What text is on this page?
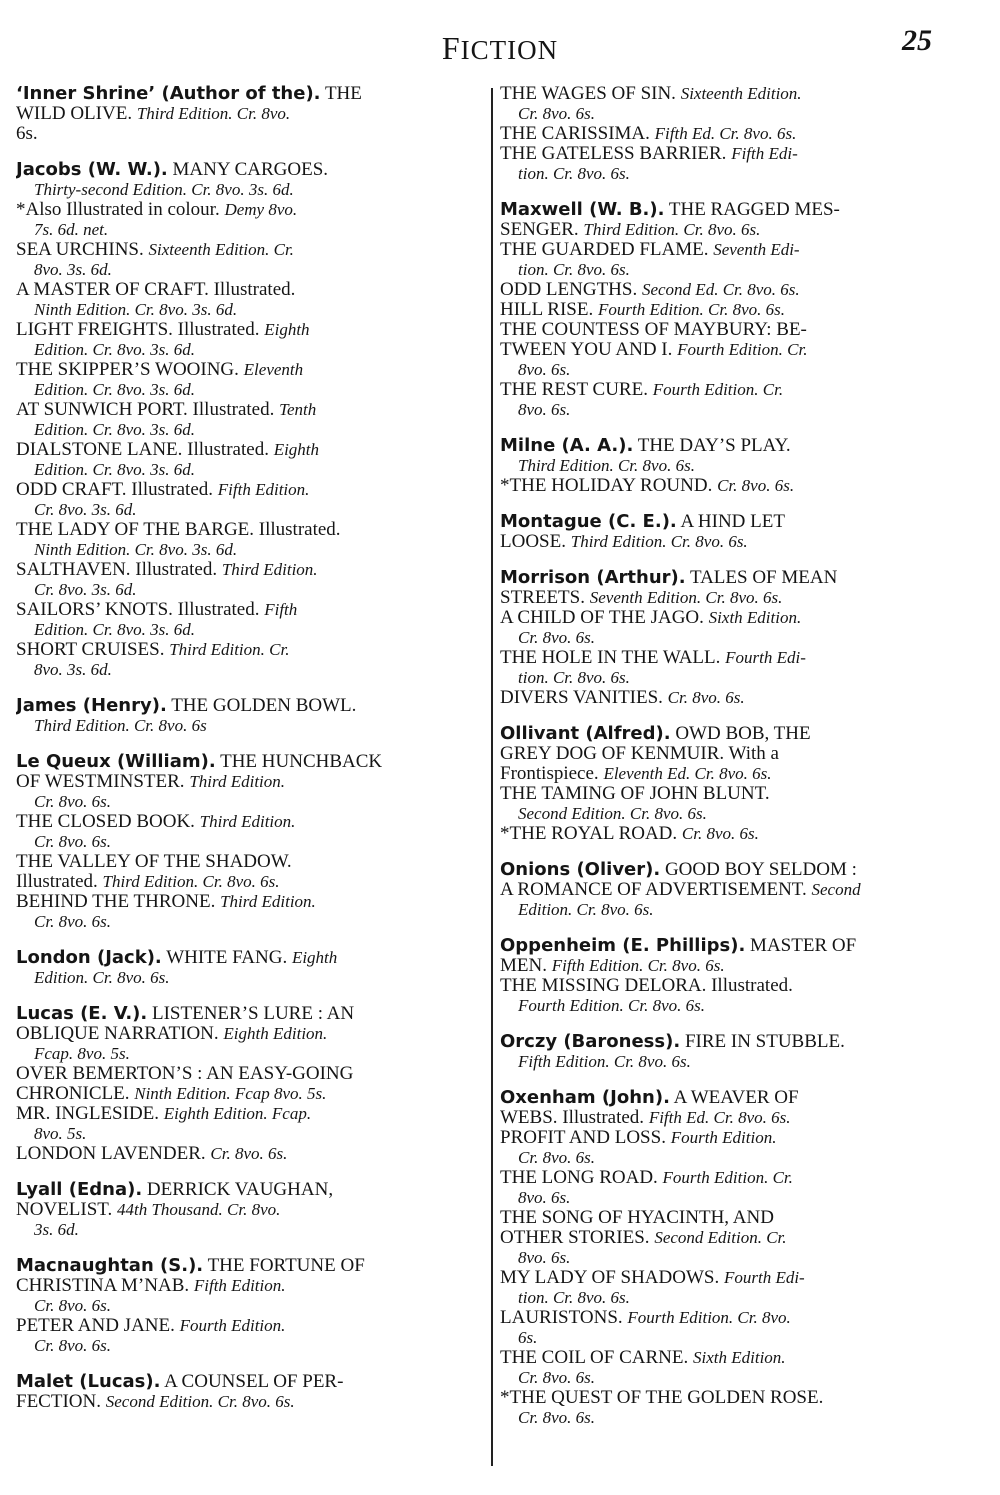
FICTION	25
‘Inner Shrine’ (Author of the). THE
WILD OLIVE. Third Edition. Cr. 8vo.
6s.
Jacobs (W. W.). MANY CARGOES.
Thirty-second Edition. Cr. 8vo. 3s. 6d.
*Also Illustrated in colour. Demy 8vo.
7s. 6d. net.
SEA URCHINS. Sixteenth Edition. Cr.
8vo. 3s. 6d.
A MASTER OF CRAFT. Illustrated.
Ninth Edition. Cr. 8vo. 3s. 6d.
LIGHT FREIGHTS. Illustrated. Eighth
Edition. Cr. 8vo. 3s. 6d.
THE SKIPPER’S WOOING. Eleventh
Edition. Cr. 8vo. 3s. 6d.
AT SUNWICH PORT. Illustrated. Tenth
Edition. Cr. 8vo. 3s. 6d.
DIALSTONE LANE. Illustrated. Eighth
Edition. Cr. 8vo. 3s. 6d.
ODD CRAFT. Illustrated. Fifth Edition.
Cr. 8vo. 3s. 6d.
THE LADY OF THE BARGE. Illustrated.
Ninth Edition. Cr. 8vo. 3s. 6d.
SALTHAVEN. Illustrated. Third Edition.
Cr. 8vo. 3s. 6d.
SAILORS’ KNOTS. Illustrated. Fifth
Edition. Cr. 8vo. 3s. 6d.
SHORT CRUISES. Third Edition. Cr.
8vo. 3s. 6d.
James (Henry). THE GOLDEN BOWL.
Third Edition. Cr. 8vo. 6s
Le Queux (William). THE HUNCHBACK
OF WESTMINSTER. Third Edition.
Cr. 8vo. 6s.
THE CLOSED BOOK. Third Edition.
Cr. 8vo. 6s.
THE VALLEY OF THE SHADOW.
Illustrated. Third Edition. Cr. 8vo. 6s.
BEHIND THE THRONE. Third Edition.
Cr. 8vo. 6s.
London (Jack). WHITE FANG. Eighth
Edition. Cr. 8vo. 6s.
Lucas (E. V.). LISTENER’S LURE : AN
OBLIQUE NARRATION. Eighth Edition.
Fcap. 8vo. 5s.
OVER BEMERTON’S : AN EASY-GOING
CHRONICLE. Ninth Edition. Fcap 8vo. 5s.
MR. INGLESIDE. Eighth Edition. Fcap.
8vo. 5s.
LONDON LAVENDER. Cr. 8vo. 6s.
Lyall (Edna). DERRICK VAUGHAN,
NOVELIST. 44th Thousand. Cr. 8vo.
3s. 6d.
Macnaughtan (S.). THE FORTUNE OF
CHRISTINA M’NAB. Fifth Edition.
Cr. 8vo. 6s.
PETER AND JANE. Fourth Edition.
Cr. 8vo. 6s.
Malet (Lucas). A COUNSEL OF PER-
FECTION. Second Edition. Cr. 8vo. 6s.
THE WAGES OF SIN. Sixteenth Edition.
Cr. 8vo. 6s.
THE CARISSIMA. Fifth Ed. Cr. 8vo. 6s.
THE GATELESS BARRIER. Fifth Edi-
tion. Cr. 8vo. 6s.
Maxwell (W. B.). THE RAGGED MES-
SENGER. Third Edition. Cr. 8vo. 6s.
THE GUARDED FLAME. Seventh Edi-
tion. Cr. 8vo. 6s.
ODD LENGTHS. Second Ed. Cr. 8vo. 6s.
HILL RISE. Fourth Edition. Cr. 8vo. 6s.
THE COUNTESS OF MAYBURY: BE-
TWEEN YOU AND I. Fourth Edition. Cr.
8vo. 6s.
THE REST CURE. Fourth Edition. Cr.
8vo. 6s.
Milne (A. A.). THE DAY’S PLAY.
Third Edition. Cr. 8vo. 6s.
*THE HOLIDAY ROUND. Cr. 8vo. 6s.
Montague (C. E.). A HIND LET
LOOSE. Third Edition. Cr. 8vo. 6s.
Morrison (Arthur). TALES OF MEAN
STREETS. Seventh Edition. Cr. 8vo. 6s.
A CHILD OF THE JAGO. Sixth Edition.
Cr. 8vo. 6s.
THE HOLE IN THE WALL. Fourth Edi-
tion. Cr. 8vo. 6s.
DIVERS VANITIES. Cr. 8vo. 6s.
Ollivant (Alfred). OWD BOB, THE
GREY DOG OF KENMUIR. With a
Frontispiece. Eleventh Ed. Cr. 8vo. 6s.
THE TAMING OF JOHN BLUNT.
Second Edition. Cr. 8vo. 6s.
*THE ROYAL ROAD. Cr. 8vo. 6s.
Onions (Oliver). GOOD BOY SELDOM :
A ROMANCE OF ADVERTISEMENT. Second
Edition. Cr. 8vo. 6s.
Oppenheim (E. Phillips). MASTER OF
MEN. Fifth Edition. Cr. 8vo. 6s.
THE MISSING DELORA. Illustrated.
Fourth Edition. Cr. 8vo. 6s.
Orczy (Baroness). FIRE IN STUBBLE.
Fifth Edition. Cr. 8vo. 6s.
Oxenham (John). A WEAVER OF
WEBS. Illustrated. Fifth Ed. Cr. 8vo. 6s.
PROFIT AND LOSS. Fourth Edition.
Cr. 8vo. 6s.
THE LONG ROAD. Fourth Edition. Cr.
8vo. 6s.
THE SONG OF HYACINTH, AND
OTHER STORIES. Second Edition. Cr.
8vo. 6s.
MY LADY OF SHADOWS. Fourth Edi-
tion. Cr. 8vo. 6s.
LAURISTONS. Fourth Edition. Cr. 8vo.
6s.
THE COIL OF CARNE. Sixth Edition.
Cr. 8vo. 6s.
*THE QUEST OF THE GOLDEN ROSE.
Cr. 8vo. 6s.
